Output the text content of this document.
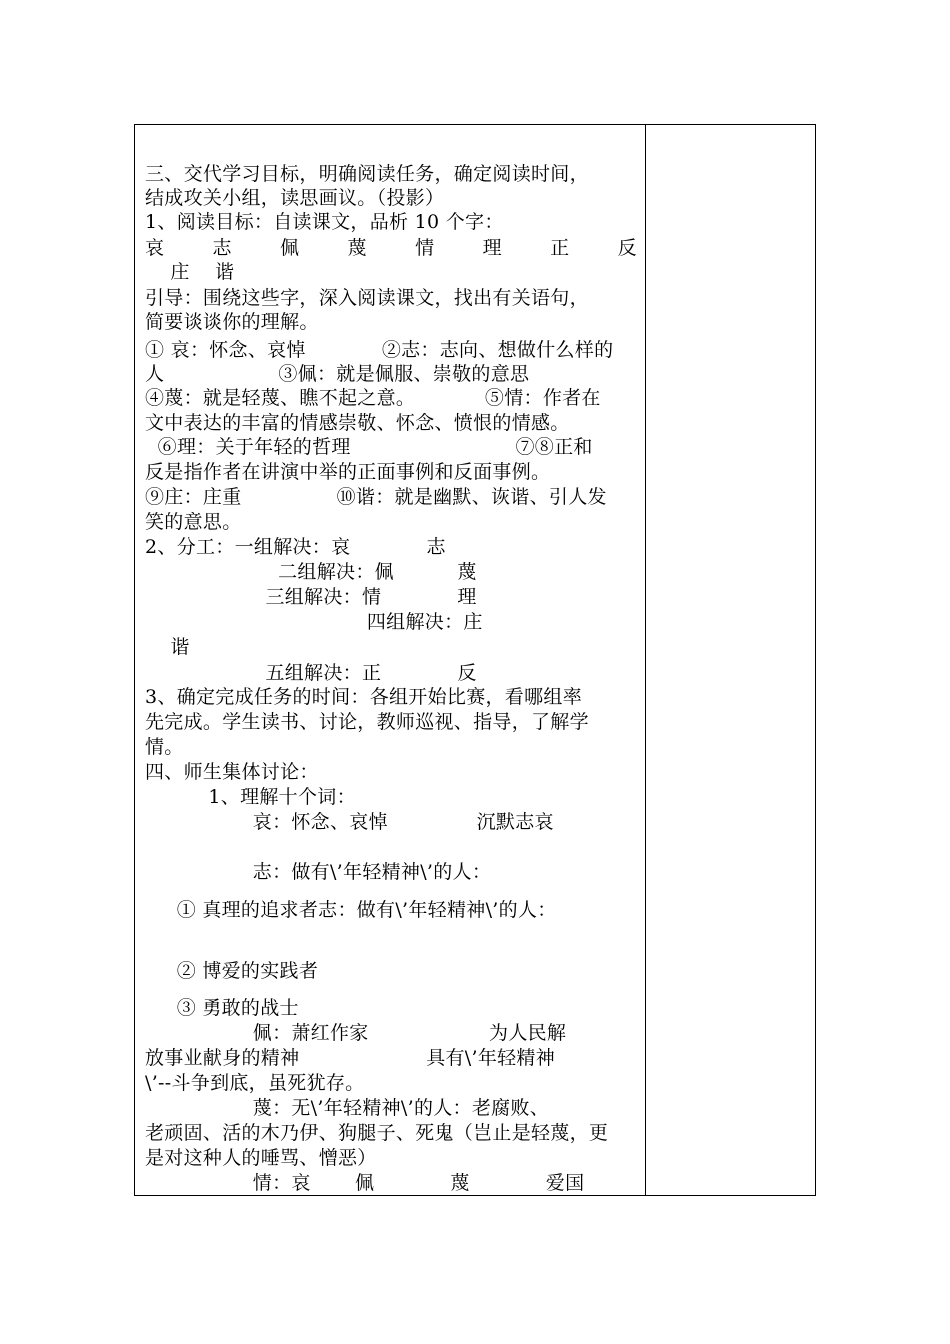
三、交代学习目标，明确阅读任务，确定阅读时间，
结成攻关小组，读思画议。（投影）
1、阅读目标：自读课文，品析 10 个字：
哀	志	佩	蔑	情	理	正	反
庄    谐
引导：围绕这些字，深入阅读课文，找出有关语句，
简要谈谈你的理解。
① 哀：怀念、哀悼            ②志：志向、想做什么样的
人                  ③佩：就是佩服、崇敬的意思
④蔑：就是轻蔑、瞧不起之意。           ⑤情：作者在
文中表达的丰富的情感崇敬、怀念、愤恨的情感。
⑥理：关于年轻的哲理                          ⑦⑧正和
反是指作者在讲演中举的正面事例和反面事例。
⑨庄：庄重               ⑩谐：就是幽默、诙谐、引人发
笑的意思。
2、分工：一组解决：哀            志
二组解决：佩          蔑
三组解决：情            理
四组解决：庄
谐
五组解决：正            反
3、确定完成任务的时间：各组开始比赛，看哪组率
先完成。学生读书、讨论，教师巡视、指导，了解学
情。
四、师生集体讨论：
1、理解十个词：
哀：怀念、哀悼              沉默志哀
志：做有\’年轻精神\’的人：
① 真理的追求者志：做有\’年轻精神\’的人：
② 博爱的实践者
③ 勇敢的战士
佩：萧红作家                   为人民解
放事业献身的精神                    具有\’年轻精神
\’--斗争到底，虽死犹存。
蔑：无\’年轻精神\’的人：老腐败、
老顽固、活的木乃伊、狗腿子、死鬼（岂止是轻蔑，更
是对这种人的唾骂、憎恶）
情：哀       佩            蔑            爱国
